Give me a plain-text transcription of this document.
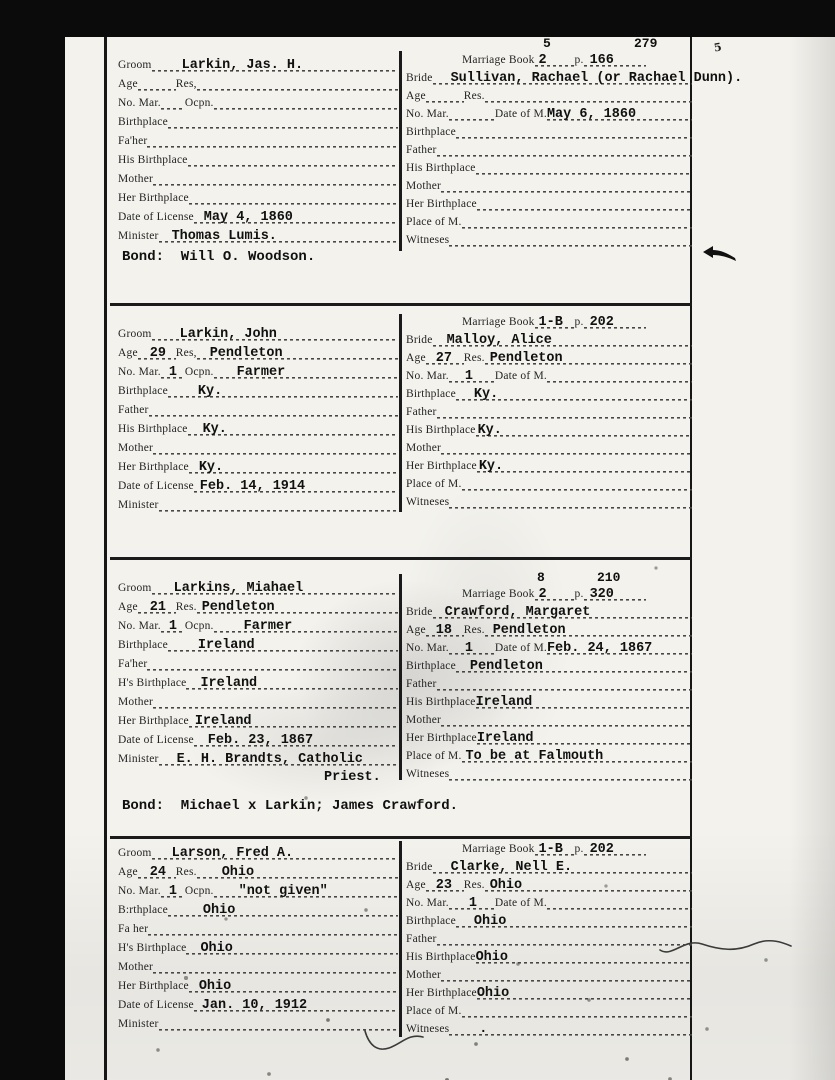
5
Groom Larkin, Jas. H.
Age	Res,
No. Mar. Ocpn.
Birthplace
Fa'her
His Birthplace
Mother
Her Birthplace
Date of License May 4, 1860
Minister Thomas Lumis.
5	279
Marriage Book 2 p. 166
Bride Sullivan, Rachael (or Rachael Dunn).
Age	Res.
No. Mar.	Date of M. May 6, 1860
Birthplace
Father
His Birthplace
Mother
Her Birthplace
Place of M.
Witneses
Bond:  Will O. Woodson.
Groom Larkin, John
Age 29 Res, Pendleton
No. Mar. 1 Ocpn. Farmer
Birthplace Ky.
Father
His Birthplace Ky.
Mother
Her Birthplace Ky.
Date of License Feb. 14, 1914
Minister
Marriage Book 1-B p. 202
Bride Malloy, Alice
Age 27 Res. Pendleton
No. Mar. 1 Date of M.
Birthplace Ky.
Father
His Birthplace Ky.
Mother
Her Birthplace Ky.
Place of M.
Witneses
Groom Larkins, Miahael
Age 21 Res. Pendleton
No. Mar. 1 Ocpn. Farmer
Birthplace Ireland
Fa'her
H's Birthplace Ireland
Mother
Her Birthplace Ireland
Date of License Feb. 23, 1867
Minister E. H. Brandts, Catholic
Priest.
8	210
Marriage Book 2 p. 320
Bride Crawford, Margaret
Age 18 Res. Pendleton
No. Mar. 1 Date of M. Feb. 24, 1867
Birthplace Pendleton
Father
His Birthplace Ireland
Mother
Her Birthplace Ireland
Place of M. To be at Falmouth
Witneses
Bond:  Michael x Larkin; James Crawford.
Groom Larson, Fred A.
Age 24 Res. Ohio
No. Mar. 1 Ocpn. "not given"
B:rthplace	Ohio
Fa her
H's Birthplace Ohio
Mother
Her Birthplace Ohio
Date of License Jan. 10, 1912
Minister
Marriage Book 1-B p. 202
Bride Clarke, Nell E.
Age 23 Res. Ohio
No. Mar. 1 Date of M.
Birthplace Ohio
Father
His Birthplace Ohio
Mother
Her Birthplace Ohio
Place of M.
Witneses .
